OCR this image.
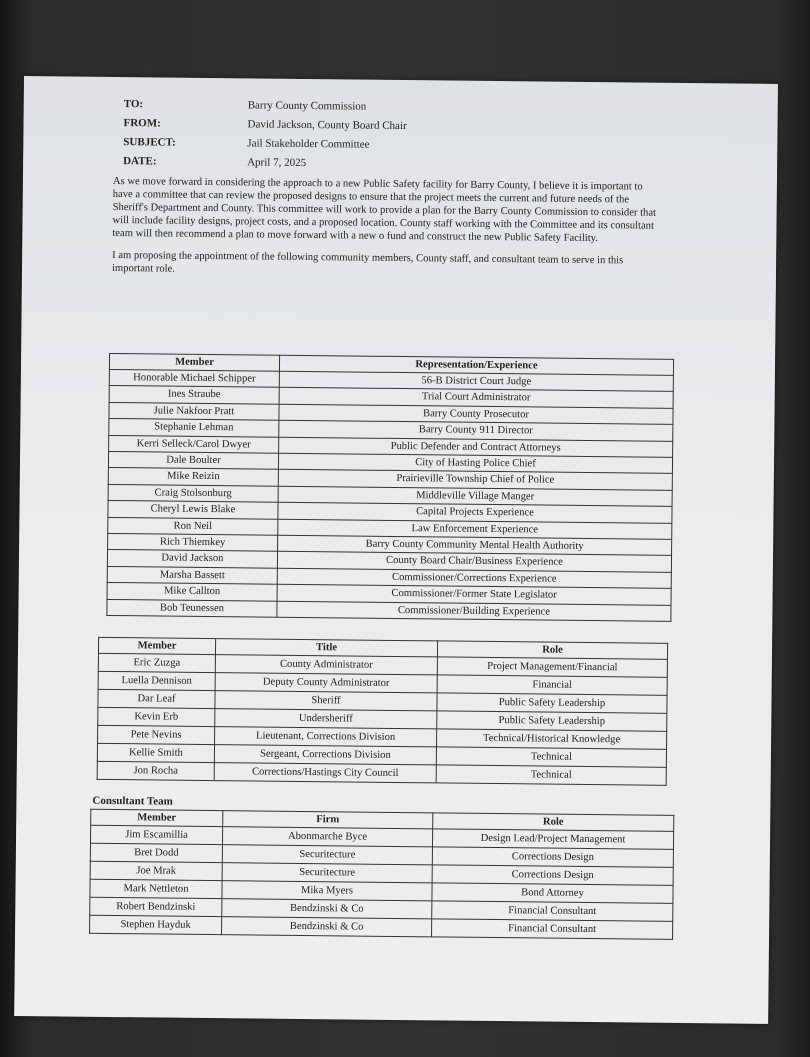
TO:	Barry County Commission
FROM:	David Jackson, County Board Chair
SUBJECT:	Jail Stakeholder Committee
DATE:	April 7, 2025

As we move forward in considering the approach to a new Public Safety facility for Barry County, I believe it is important to have a committee that can review the proposed designs to ensure that the project meets the current and future needs of the Sheriff's Department and County. This committee will work to provide a plan for the Barry County Commission to consider that will include facility designs, project costs, and a proposed location. County staff working with the Committee and its consultant team will then recommend a plan to move forward with a new o fund and construct the new Public Safety Facility.

I am proposing the appointment of the following community members, County staff, and consultant team to serve in this important role.

Member	Representation/Experience
Honorable Michael Schipper	56-B District Court Judge
Ines Straube	Trial Court Administrator
Julie Nakfoor Pratt	Barry County Prosecutor
Stephanie Lehman	Barry County 911 Director
Kerri Selleck/Carol Dwyer	Public Defender and Contract Attorneys
Dale Boulter	City of Hasting Police Chief
Mike Reizin	Prairieville Township Chief of Police
Craig Stolsonburg	Middleville Village Manger
Cheryl Lewis Blake	Capital Projects Experience
Ron Neil	Law Enforcement Experience
Rich Thiemkey	Barry County Community Mental Health Authority
David Jackson	County Board Chair/Business Experience
Marsha Bassett	Commissioner/Corrections Experience
Mike Callton	Commissioner/Former State Legislator
Bob Teunessen	Commissioner/Building Experience
Member	Title	Role
Eric Zuzga	County Administrator	Project Management/Financial
Luella Dennison	Deputy County Administrator	Financial
Dar Leaf	Sheriff	Public Safety Leadership
Kevin Erb	Undersheriff	Public Safety Leadership
Pete Nevins	Lieutenant, Corrections Division	Technical/Historical Knowledge
Kellie Smith	Sergeant, Corrections Division	Technical
Jon Rocha	Corrections/Hastings City Council	Technical
Consultant Team
Member	Firm	Role
Jim Escamillia	Abonmarche Byce	Design Lead/Project Management
Bret Dodd	Securitecture	Corrections Design
Joe Mrak	Securitecture	Corrections Design
Mark Nettleton	Mika Myers	Bond Attorney
Robert Bendzinski	Bendzinski & Co	Financial Consultant
Stephen Hayduk	Bendzinski & Co	Financial Consultant
